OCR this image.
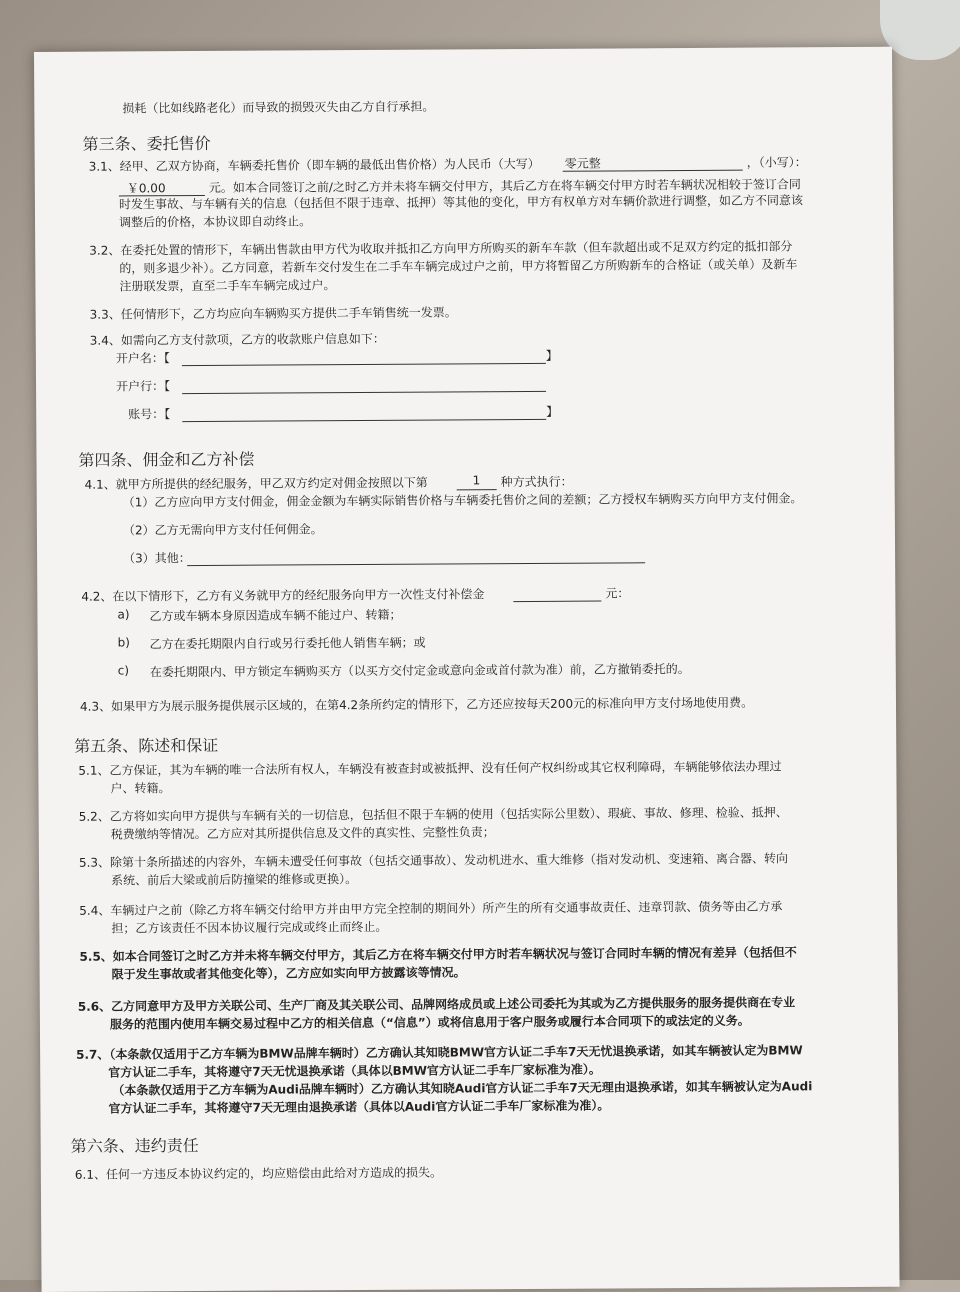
损耗（比如线路老化）而导致的损毁灭失由乙方自行承担。
第三条、委托售价
3.1、经甲、乙双方协商，车辆委托售价（即车辆的最低出售价格）为人民币（大写） 零元整	，（小写）：
￥0.00	元。如本合同签订之前/之时乙方并未将车辆交付甲方，其后乙方在将车辆交付甲方时若车辆状况相较于签订合同
时发生事故、与车辆有关的信息（包括但不限于违章、抵押）等其他的变化，甲方有权单方对车辆价款进行调整，如乙方不同意该
调整后的价格，本协议即自动终止。
3.2、在委托处置的情形下，车辆出售款由甲方代为收取并抵扣乙方向甲方所购买的新车车款（但车款超出或不足双方约定的抵扣部分
的，则多退少补）。乙方同意，若新车交付发生在二手车车辆完成过户之前，甲方将暂留乙方所购新车的合格证（或关单）及新车
注册联发票，直至二手车车辆完成过户。
3.3、任何情形下，乙方均应向车辆购买方提供二手车销售统一发票。
3.4、如需向乙方支付款项，乙方的收款账户信息如下：
开户名：【	】
开户行：【
账号：【	】
第四条、佣金和乙方补偿
4.1、就甲方所提供的经纪服务，甲乙双方约定对佣金按照以下第	1 种方式执行：
（1）乙方应向甲方支付佣金，佣金金额为车辆实际销售价格与车辆委托售价之间的差额；乙方授权车辆购买方向甲方支付佣金。
（2）乙方无需向甲方支付任何佣金。
（3）其他：
4.2、在以下情形下，乙方有义务就甲方的经纪服务向甲方一次性支付补偿金	元：
a) 乙方或车辆本身原因造成车辆不能过户、转籍；
b) 乙方在委托期限内自行或另行委托他人销售车辆；或
c) 在委托期限内、甲方锁定车辆购买方（以买方交付定金或意向金或首付款为准）前，乙方撤销委托的。
4.3、如果甲方为展示服务提供展示区域的，在第4.2条所约定的情形下，乙方还应按每天200元的标准向甲方支付场地使用费。
第五条、陈述和保证
5.1、乙方保证，其为车辆的唯一合法所有权人，车辆没有被查封或被抵押、没有任何产权纠纷或其它权利障碍，车辆能够依法办理过
户、转籍。
5.2、乙方将如实向甲方提供与车辆有关的一切信息，包括但不限于车辆的使用（包括实际公里数）、瑕疵、事故、修理、检验、抵押、
税费缴纳等情况。乙方应对其所提供信息及文件的真实性、完整性负责；
5.3、除第十条所描述的内容外，车辆未遭受任何事故（包括交通事故）、发动机进水、重大维修（指对发动机、变速箱、离合器、转向
系统、前后大梁或前后防撞梁的维修或更换）。
5.4、车辆过户之前（除乙方将车辆交付给甲方并由甲方完全控制的期间外）所产生的所有交通事故责任、违章罚款、债务等由乙方承
担；乙方该责任不因本协议履行完成或终止而终止。
5.5、如本合同签订之时乙方并未将车辆交付甲方，其后乙方在将车辆交付甲方时若车辆状况与签订合同时车辆的情况有差异（包括但不
限于发生事故或者其他变化等），乙方应如实向甲方披露该等情况。
5.6、乙方同意甲方及甲方关联公司、生产厂商及其关联公司、品牌网络成员或上述公司委托为其或为乙方提供服务的服务提供商在专业
服务的范围内使用车辆交易过程中乙方的相关信息（“信息”）或将信息用于客户服务或履行本合同项下的或法定的义务。
5.7、（本条款仅适用于乙方车辆为BMW品牌车辆时）乙方确认其知晓BMW官方认证二手车7天无忧退换承诺，如其车辆被认定为BMW
官方认证二手车，其将遵守7天无忧退换承诺（具体以BMW官方认证二手车厂家标准为准）。
（本条款仅适用于乙方车辆为Audi品牌车辆时）乙方确认其知晓Audi官方认证二手车7天无理由退换承诺，如其车辆被认定为Audi
官方认证二手车，其将遵守7天无理由退换承诺（具体以Audi官方认证二手车厂家标准为准）。
第六条、违约责任
6.1、任何一方违反本协议约定的，均应赔偿由此给对方造成的损失。
